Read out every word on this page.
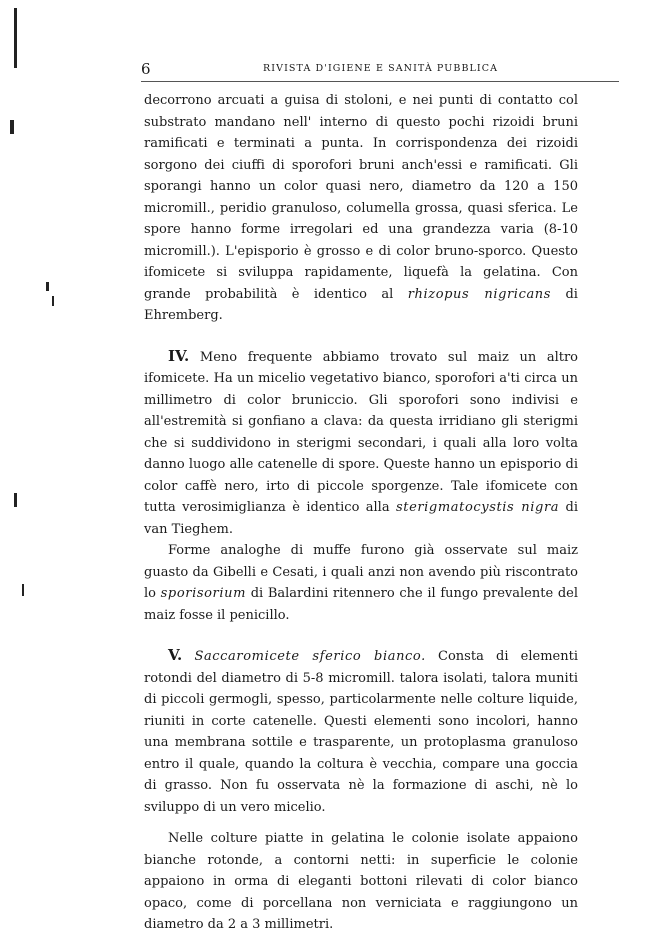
6	RIVISTA D'IGIENE E SANITÀ PUBBLICA

decorrono arcuati a guisa di stoloni, e nei punti di contatto col substrato mandano nell' interno di questo pochi rizoidi bruni ramificati e terminati a punta. In corrispondenza dei rizoidi sorgono dei ciuffi di sporofori bruni anch'essi e ramificati. Gli sporangi hanno un color quasi nero, diametro da 120 a 150 micromill., peridio granuloso, columella grossa, quasi sferica. Le spore hanno forme irregolari ed una grandezza varia (8-10 micromill.). L'episporio è grosso e di color bruno-sporco. Questo ifomicete si sviluppa rapidamente, liquefà la gelatina. Con grande probabilità è identico al rhizopus nigricans di Ehremberg.

IV. Meno frequente abbiamo trovato sul maiz un altro ifomicete. Ha un micelio vegetativo bianco, sporofori a'ti circa un millimetro di color bruniccio. Gli sporofori sono indivisi e all'estremità si gonfiano a clava: da questa irridiano gli sterigmi che si suddividono in sterigmi secondari, i quali alla loro volta danno luogo alle catenelle di spore. Queste hanno un episporio di color caffè nero, irto di piccole sporgenze. Tale ifomicete con tutta verosimiglianza è identico alla sterigmatocystis nigra di van Tieghem.

Forme analoghe di muffe furono già osservate sul maiz guasto da Gibelli e Cesati, i quali anzi non avendo più riscontrato lo sporisorium di Balardini ritennero che il fungo prevalente del maiz fosse il penicillo.

V. Saccaromicete sferico bianco. Consta di elementi rotondi del diametro di 5-8 micromill. talora isolati, talora muniti di piccoli germogli, spesso, particolarmente nelle colture liquide, riuniti in corte catenelle. Questi elementi sono incolori, hanno una membrana sottile e trasparente, un protoplasma granuloso entro il quale, quando la coltura è vecchia, compare una goccia di grasso. Non fu osservata nè la formazione di aschi, nè lo sviluppo di un vero micelio.

Nelle colture piatte in gelatina le colonie isolate appaiono bianche rotonde, a contorni netti: in superficie le colonie appaiono in orma di eleganti bottoni rilevati di color bianco opaco, come di porcellana non verniciata e raggiungono un diametro da 2 a 3 millimetri.
